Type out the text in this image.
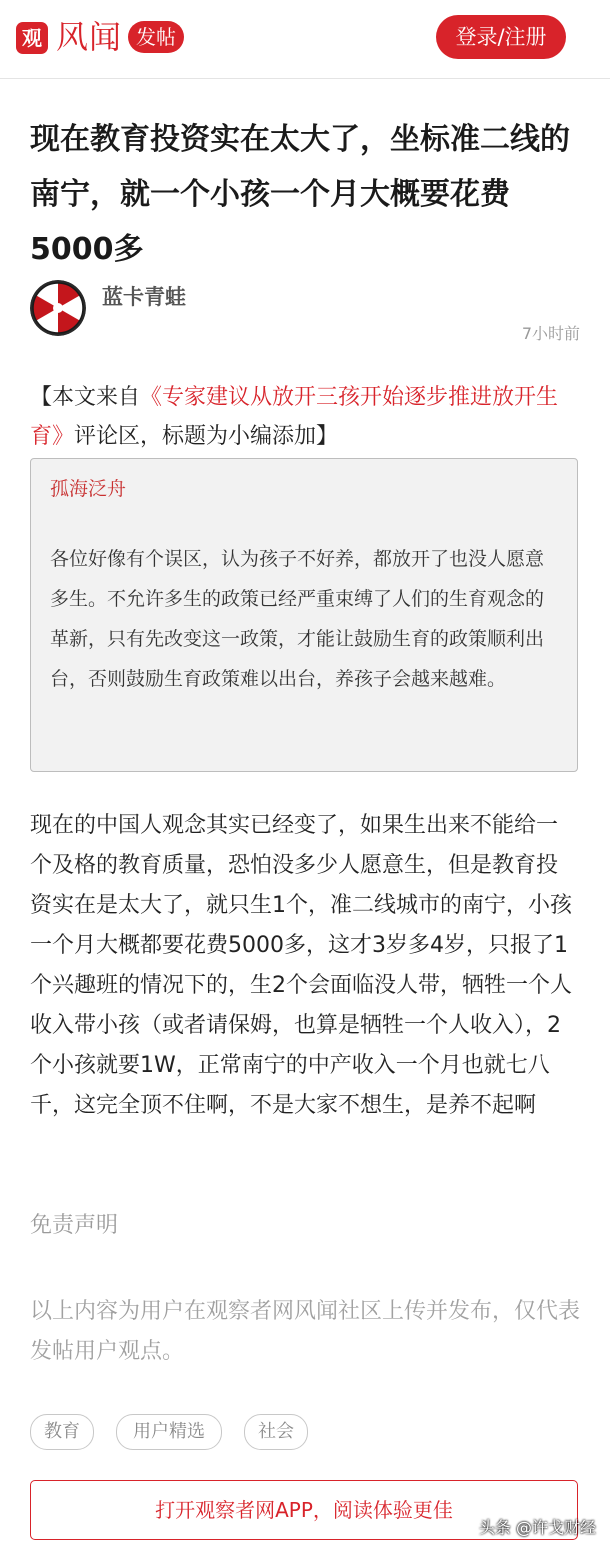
观 风闻 发帖	登录/注册
现在教育投资实在太大了，坐标准二线的南宁，就一个小孩一个月大概要花费5000多
蓝卡青蛙
7小时前
【本文来自《专家建议从放开三孩开始逐步推进放开生育》评论区，标题为小编添加】
孤海泛舟
各位好像有个误区，认为孩子不好养，都放开了也没人愿意多生。不允许多生的政策已经严重束缚了人们的生育观念的革新，只有先改变这一政策，才能让鼓励生育的政策顺利出台，否则鼓励生育政策难以出台，养孩子会越来越难。
现在的中国人观念其实已经变了，如果生出来不能给一个及格的教育质量，恐怕没多少人愿意生，但是教育投资实在是太大了，就只生1个，准二线城市的南宁，小孩一个月大概都要花费5000多，这才3岁多4岁，只报了1个兴趣班的情况下的，生2个会面临没人带，牺牲一个人收入带小孩（或者请保姆，也算是牺牲一个人收入），2个小孩就要1W，正常南宁的中产收入一个月也就七八千，这完全顶不住啊，不是大家不想生，是养不起啊
免责声明
以上内容为用户在观察者网风闻社区上传并发布，仅代表发帖用户观点。
教育	用户精选	社会
打开观察者网APP，阅读体验更佳
头条 @许戈财经
